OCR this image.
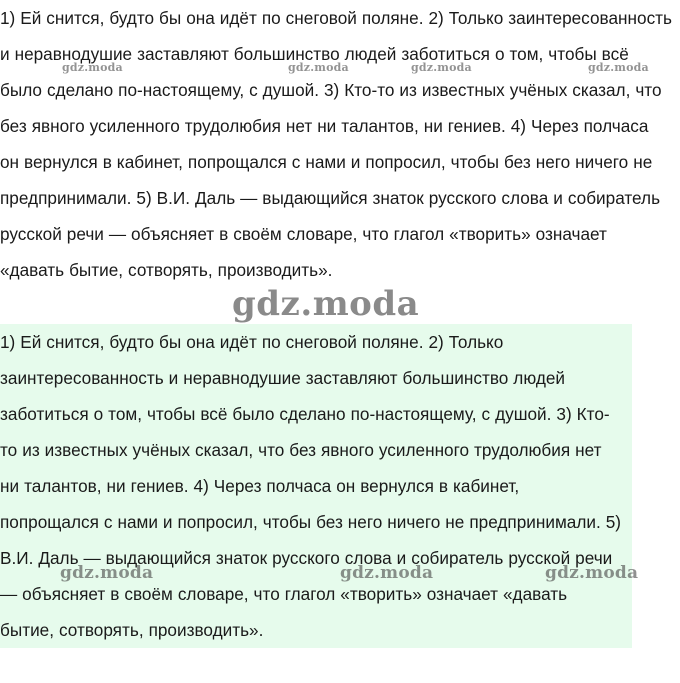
1) Ей снится, будто бы она идёт по снеговой поляне. 2) Только заинтересованность и неравнодушие заставляют большинство людей заботиться о том, чтобы всё было сделано по-настоящему, с душой. 3) Кто-то из известных учёных сказал, что без явного усиленного трудолюбия нет ни талантов, ни гениев. 4) Через полчаса он вернулся в кабинет, попрощался с нами и попросил, чтобы без него ничего не предпринимали. 5) В.И. Даль — выдающийся знаток русского слова и собиратель русской речи — объясняет в своём словаре, что глагол «творить» означает «давать бытие, сотворять, производить».

1) Ей снится, будто бы она идёт по снеговой поляне. 2) Только заинтересованность и неравнодушие заставляют большинство людей заботиться о том, чтобы всё было сделано по-настоящему, с душой. 3) Кто-то из известных учёных сказал, что без явного усиленного трудолюбия нет ни талантов, ни гениев. 4) Через полчаса он вернулся в кабинет, попрощался с нами и попросил, чтобы без него ничего не предпринимали. 5) В.И. Даль — выдающийся знаток русского слова и собиратель русской речи — объясняет в своём словаре, что глагол «творить» означает «давать бытие, сотворять, производить».

gdz.moda	gdz.moda	gdz.moda	gdz.moda
gdz.moda
gdz.moda	gdz.moda	gdz.moda
